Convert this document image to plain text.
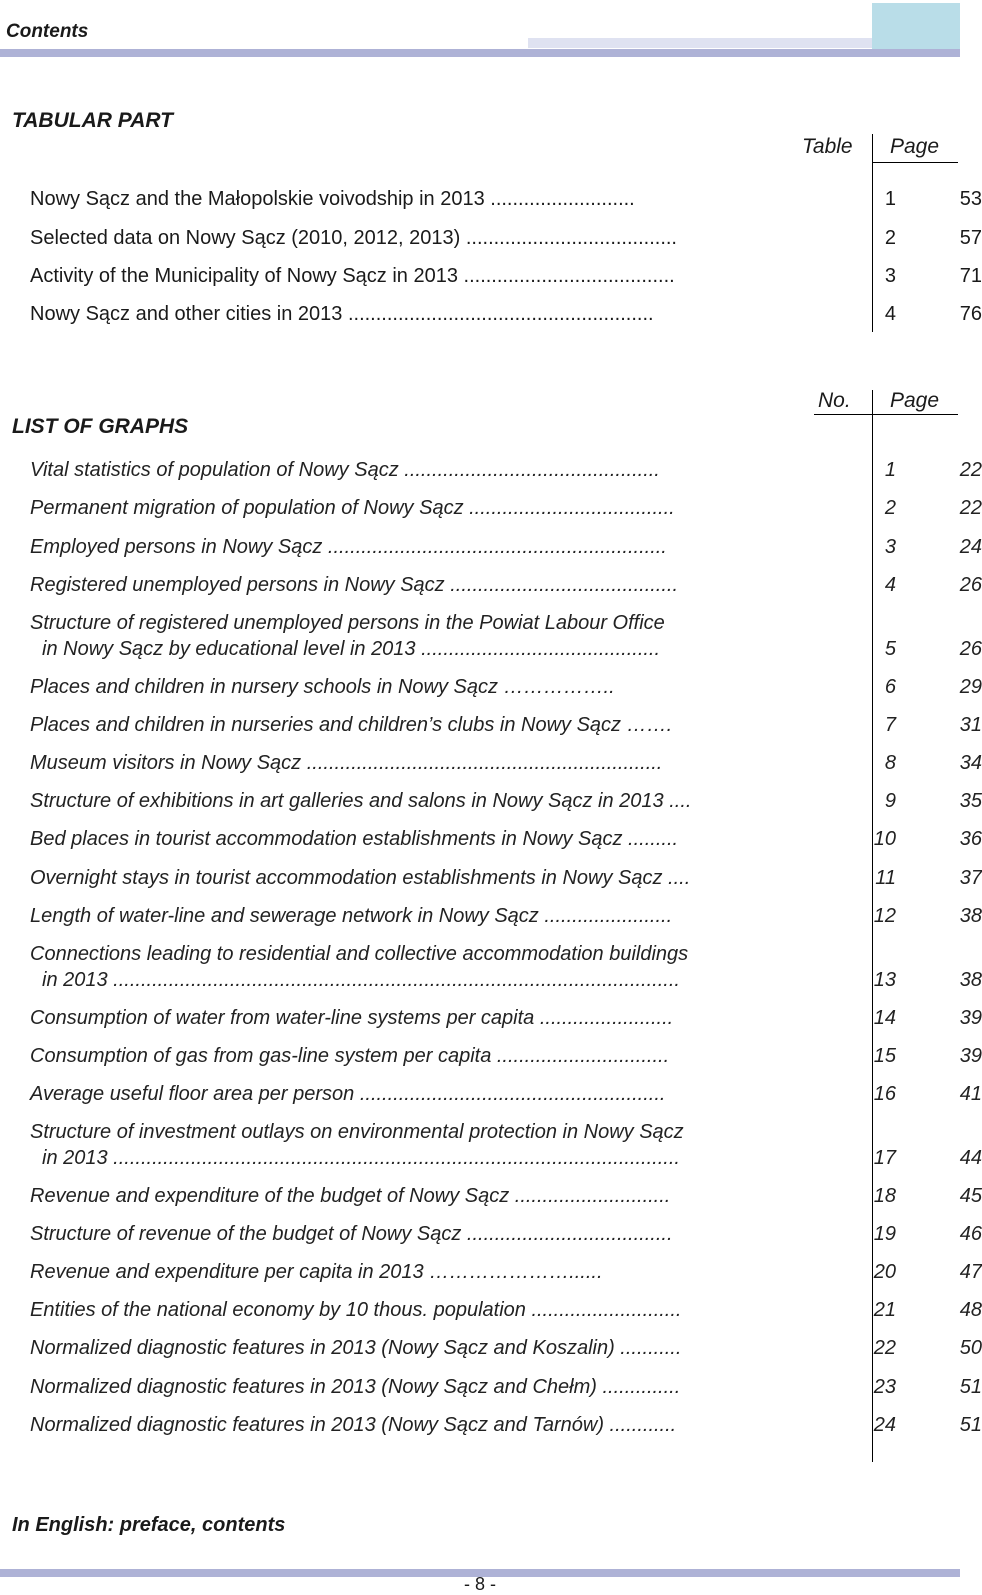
Contents
TABULAR PART
Table Page
Nowy Sącz and the Małopolskie voivodship in 2013 ..........................	1	53
Selected data on Nowy Sącz (2010, 2012, 2013) ......................................	2	57
Activity of the Municipality of Nowy Sącz in 2013 ......................................	3	71
Nowy Sącz and other cities in 2013 .......................................................	4	76
LIST OF GRAPHS
No. Page
Vital statistics of population of Nowy Sącz ..............................................	1	22
Permanent migration of population of Nowy Sącz .....................................	2	22
Employed persons in Nowy Sącz .............................................................	3	24
Registered unemployed persons in Nowy Sącz .........................................	4	26
Structure of registered unemployed persons in the Powiat Labour Office
in Nowy Sącz by educational level in 2013 ...........................................	5	26
Places and children in nursery schools in Nowy Sącz ……………..	6	29
Places and children in nurseries and children’s clubs in Nowy Sącz …….	7	31
Museum visitors in Nowy Sącz ................................................................	8	34
Structure of exhibitions in art galleries and salons in Nowy Sącz in 2013 ....	9	35
Bed places in tourist accommodation establishments in Nowy Sącz .........	10	36
Overnight stays in tourist accommodation establishments in Nowy Sącz ....	11	37
Length of water-line and sewerage network in Nowy Sącz .......................	12	38
Connections leading to residential and collective accommodation buildings
in 2013 ......................................................................................................	13	38
Consumption of water from water-line systems per capita ........................	14	39
Consumption of gas from gas-line system per capita ...............................	15	39
Average useful floor area per person .......................................................	16	41
Structure of investment outlays on environmental protection in Nowy Sącz
in 2013 ......................................................................................................	17	44
Revenue and expenditure of the budget of Nowy Sącz ............................	18	45
Structure of revenue of the budget of Nowy Sącz .....................................	19	46
Revenue and expenditure per capita in 2013 …………………......	20	47
Entities of the national economy by 10 thous. population ...........................	21	48
Normalized diagnostic features in 2013 (Nowy Sącz and Koszalin) ...........	22	50
Normalized diagnostic features in 2013 (Nowy Sącz and Chełm) ..............	23	51
Normalized diagnostic features in 2013 (Nowy Sącz and Tarnów) ............	24	51
In English: preface, contents
- 8 -
